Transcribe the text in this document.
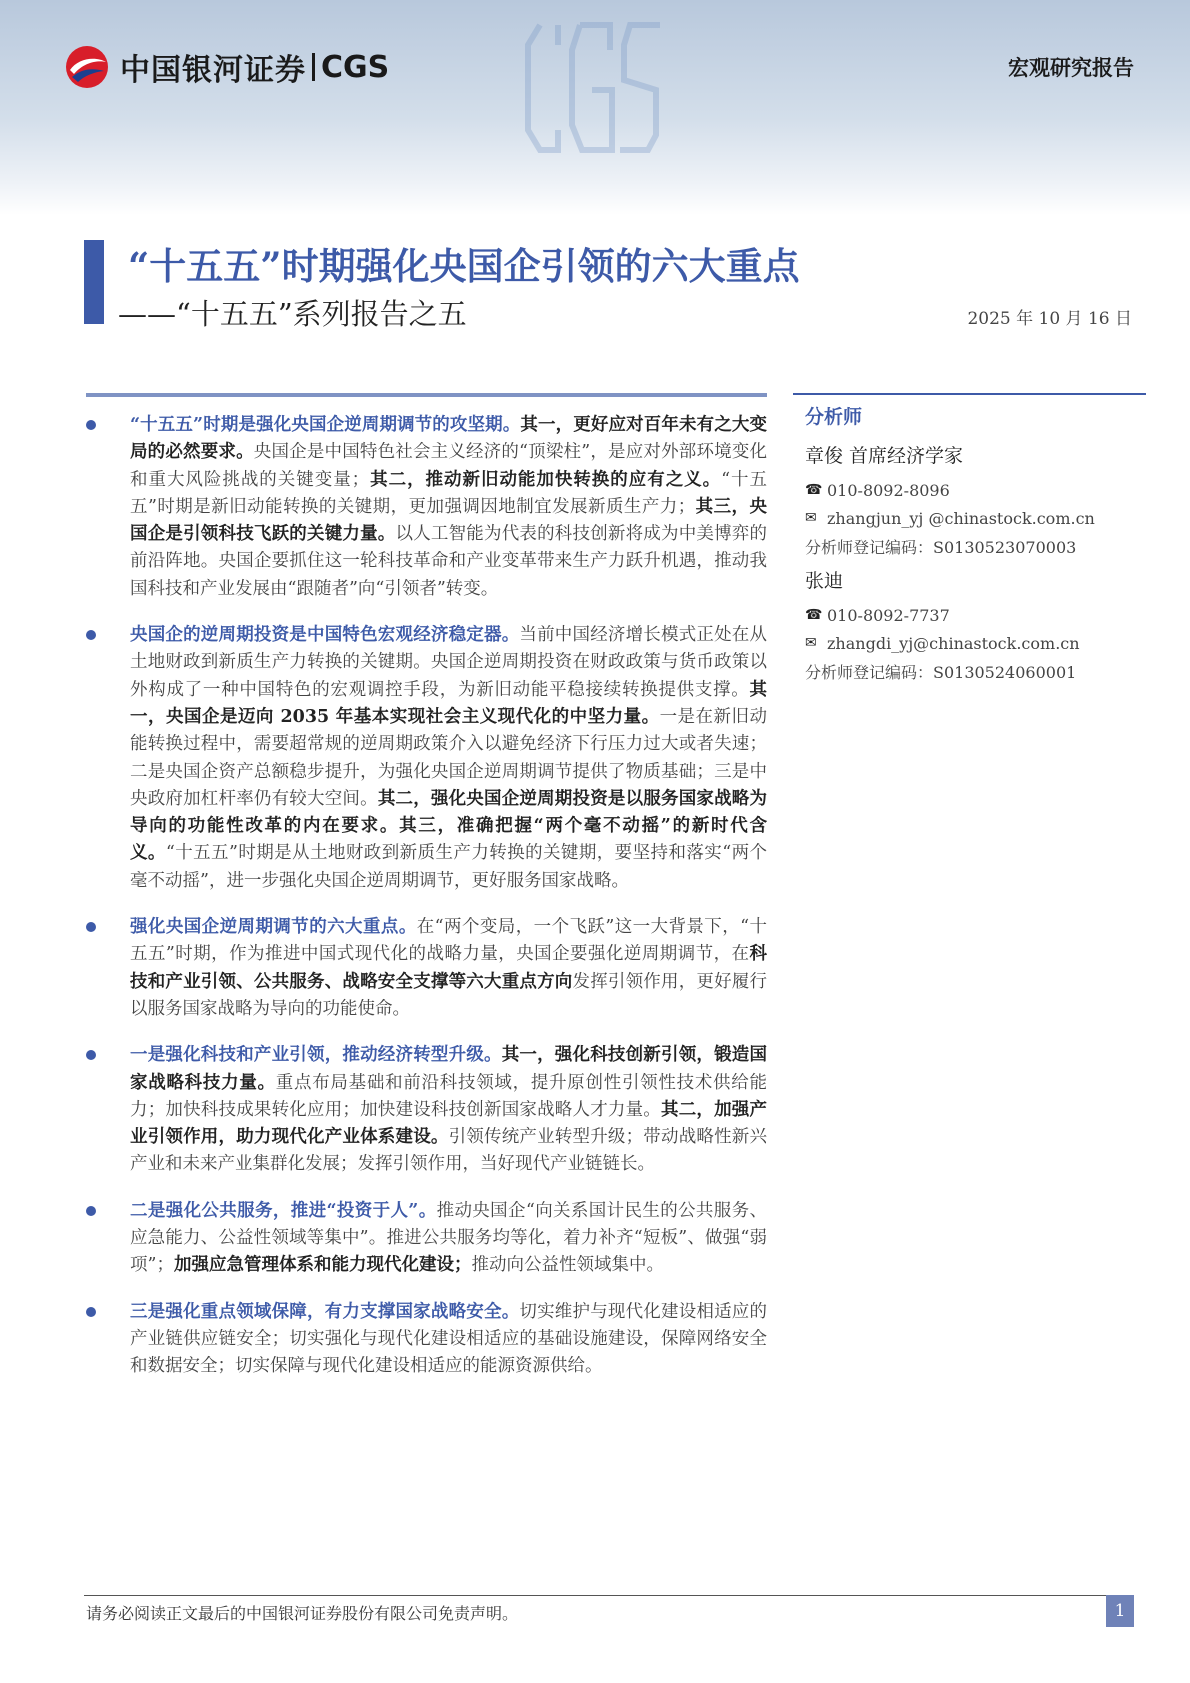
中国银河证券 CGS	宏观研究报告
“十五五”时期强化央国企引领的六大重点
——“十五五”系列报告之五	2025 年 10 月 16 日
“十五五”时期是强化央国企逆周期调节的攻坚期。其一，更好应对百年未有之大变局的必然要求。央国企是中国特色社会主义经济的“顶梁柱”，是应对外部环境变化和重大风险挑战的关键变量；其二，推动新旧动能加快转换的应有之义。“十五五”时期是新旧动能转换的关键期，更加强调因地制宜发展新质生产力；其三，央国企是引领科技飞跃的关键力量。以人工智能为代表的科技创新将成为中美博弈的前沿阵地。央国企要抓住这一轮科技革命和产业变革带来生产力跃升机遇，推动我国科技和产业发展由“跟随者”向“引领者”转变。
央国企的逆周期投资是中国特色宏观经济稳定器。当前中国经济增长模式正处在从土地财政到新质生产力转换的关键期。央国企逆周期投资在财政政策与货币政策以外构成了一种中国特色的宏观调控手段，为新旧动能平稳接续转换提供支撑。其一，央国企是迈向 2035 年基本实现社会主义现代化的中坚力量。一是在新旧动能转换过程中，需要超常规的逆周期政策介入以避免经济下行压力过大或者失速；二是央国企资产总额稳步提升，为强化央国企逆周期调节提供了物质基础；三是中央政府加杠杆率仍有较大空间。其二，强化央国企逆周期投资是以服务国家战略为导向的功能性改革的内在要求。其三，准确把握“两个毫不动摇”的新时代含义。“十五五”时期是从土地财政到新质生产力转换的关键期，要坚持和落实“两个毫不动摇”，进一步强化央国企逆周期调节，更好服务国家战略。
强化央国企逆周期调节的六大重点。在“两个变局，一个飞跃”这一大背景下，“十五五”时期，作为推进中国式现代化的战略力量，央国企要强化逆周期调节，在科技和产业引领、公共服务、战略安全支撑等六大重点方向发挥引领作用，更好履行以服务国家战略为导向的功能使命。
一是强化科技和产业引领，推动经济转型升级。其一，强化科技创新引领，锻造国家战略科技力量。重点布局基础和前沿科技领域，提升原创性引领性技术供给能力；加快科技成果转化应用；加快建设科技创新国家战略人才力量。其二，加强产业引领作用，助力现代化产业体系建设。引领传统产业转型升级；带动战略性新兴产业和未来产业集群化发展；发挥引领作用，当好现代产业链链长。
二是强化公共服务，推进“投资于人”。推动央国企“向关系国计民生的公共服务、应急能力、公益性领域等集中”。推进公共服务均等化，着力补齐“短板”、做强“弱项”；加强应急管理体系和能力现代化建设；推动向公益性领域集中。
三是强化重点领域保障，有力支撑国家战略安全。切实维护与现代化建设相适应的产业链供应链安全；切实强化与现代化建设相适应的基础设施建设，保障网络安全和数据安全；切实保障与现代化建设相适应的能源资源供给。
分析师
章俊 首席经济学家
☎ 010-8092-8096
✉ zhangjun_yj @chinastock.com.cn
分析师登记编码：S0130523070003
张迪
☎ 010-8092-7737
✉ zhangdi_yj@chinastock.com.cn
分析师登记编码：S0130524060001
请务必阅读正文最后的中国银河证券股份有限公司免责声明。	1
